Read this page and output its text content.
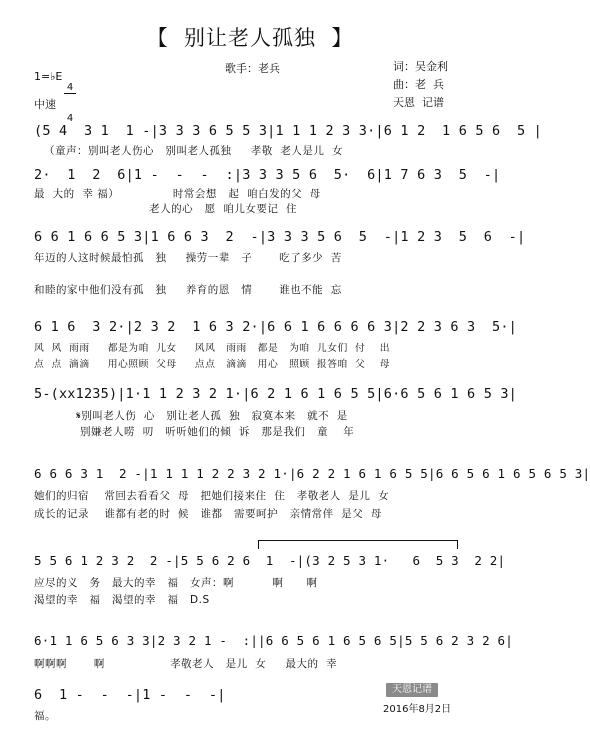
【  别让老人孤独  】
歌手：老兵	词：吴金利
曲：老  兵
天恩  记谱
1=♭E

$\frac{4}{4}$

中速
(5 4  3 1  1 -|3 3 3 6 5 5 3|1 1 1 2 3 3·|6 1 2  1 6 5 6  5 |
（童声：别叫老人伤心   别叫老人孤独     孝敬  老人是儿  女
2·  1  2  6|1 -  -  -  :|3 3 3 5 6  5·  6|1 7 6 3  5  -|
最  大的  幸 福）              时常会想   起  咱白发的父  母
老人的心   愿  咱儿女要记  住
6 6 1 6 6 5 3|1 6 6 3  2  -|3 3 3 5 6  5  -|1 2 3  5  6  -|
年迈的人这时候最怕孤   独     操劳一辈   子       吃了多少  苦
和睦的家中他们没有孤   独     养育的恩   情       谁也不能  忘
6 1 6  3 2·|2 3 2  1 6 3 2·|6 6 1 6 6 6 6 3|2 2 3 6 3  5·|
风  风  雨雨     都是为咱  儿女     风风   雨雨   都是   为咱  儿女们  付    出
点  点  滴滴     用心照顾  父母     点点   滴滴   用心   照顾  报答咱  父    母
5-(xx1235)|1·1 1 2 3 2 1·|6 2 1 6 1 6 5 5|6·6 5 6 1 6 5 3|
𝄋别叫老人伤  心   别让老人孤  独   寂寞本来   就不  是
别嫌老人唠  叨   听听她们的倾  诉   那是我们   童    年
6 6 6 3 1  2 -|1 1 1 1 2 2 3 2 1·|6 2 2 1 6 1 6 5 5|6 6 5 6 1 6 5 6 5 3|
她们的归宿    常回去看看父  母   把她们接来住  住   孝敬老人  是儿  女
成长的记录    谁都有老的时  候   谁都   需要呵护   亲情常伴  是父  母
5 5 6 1 2 3 2  2 -|5 5 6 2 6  1  -|(3 2 5 3 1·   6  5 3  2 2|
应尽的义   务   最大的幸   福   女声：啊          啊      啊
渴望的幸   福   渴望的幸   福   D.S
6·1 1 6 5 6 3 3|2 3 2 1 -  :||6 6 5 6 1 6 5 6 5|5 5 6 2 3 2 6|
啊啊啊       啊                 孝敬老人   是儿  女     最大的  幸
6  1 -  -  -|1 -  -  -|
福。
天恩记谱
2016年8月2日
